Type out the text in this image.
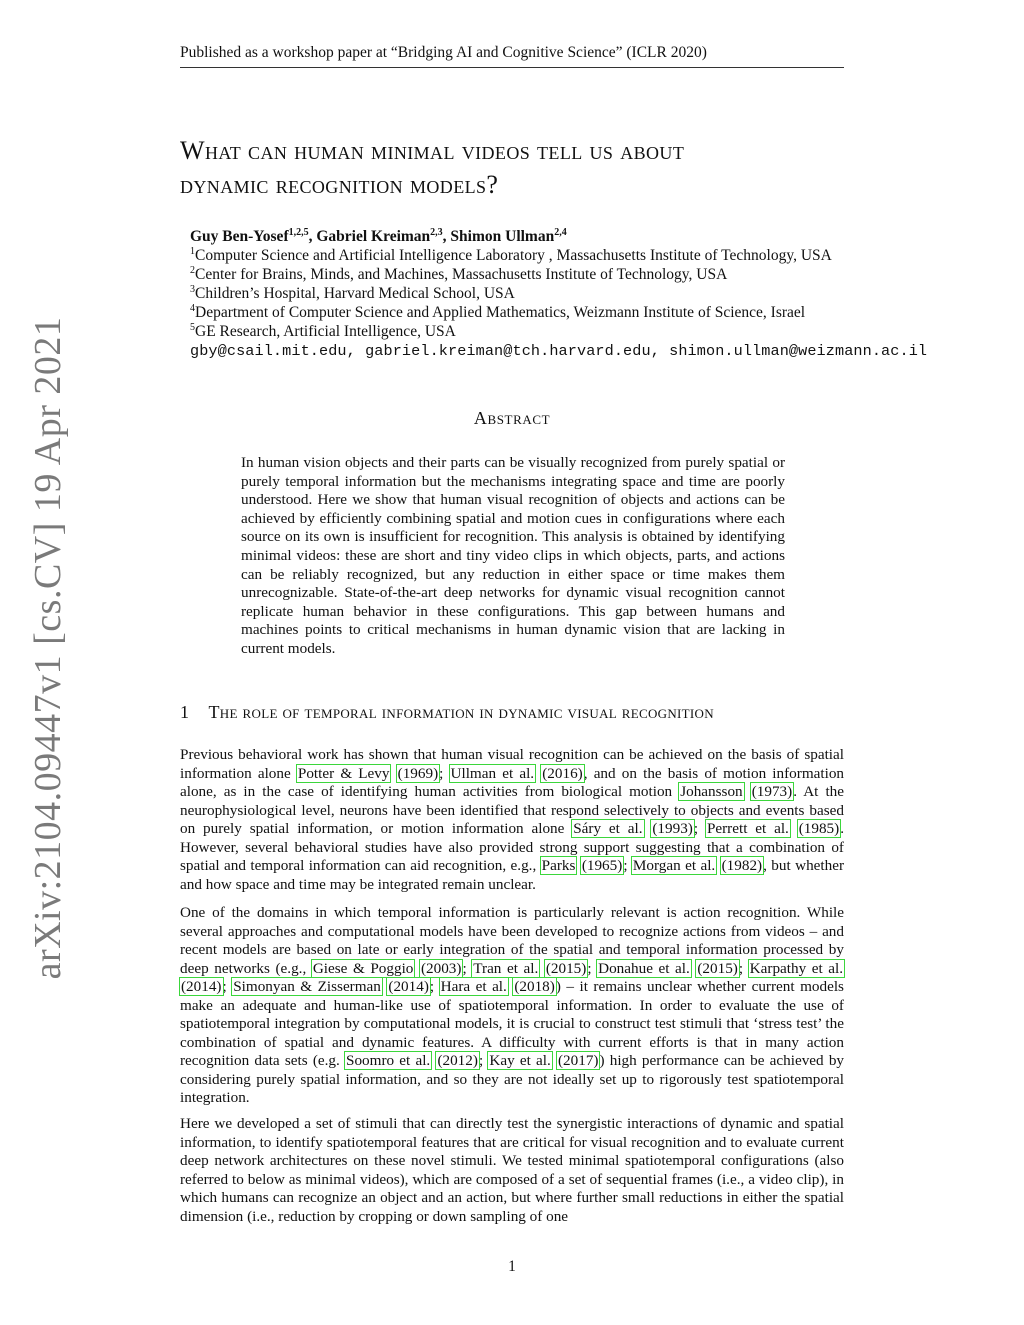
Published as a workshop paper at “Bridging AI and Cognitive Science” (ICLR 2020)
What can human minimal videos tell us about
dynamic recognition models?
Guy Ben-Yosef$^{1,2,5}$, Gabriel Kreiman$^{2,3}$, Shimon Ullman$^{2,4}$
$^1$Computer Science and Artificial Intelligence Laboratory , Massachusetts Institute of Technology, USA
$^2$Center for Brains, Minds, and Machines, Massachusetts Institute of Technology, USA
$^3$Children’s Hospital, Harvard Medical School, USA
$^4$Department of Computer Science and Applied Mathematics, Weizmann Institute of Science, Israel
$^5$GE Research, Artificial Intelligence, USA
gby@csail.mit.edu, gabriel.kreiman@tch.harvard.edu, shimon.ullman@weizmann.ac.il
Abstract
In human vision objects and their parts can be visually recognized from purely spatial or purely temporal information but the mechanisms integrating space and time are poorly understood. Here we show that human visual recognition of objects and actions can be achieved by efficiently combining spatial and motion cues in configurations where each source on its own is insufficient for recognition. This analysis is obtained by identifying minimal videos: these are short and tiny video clips in which objects, parts, and actions can be reliably recognized, but any reduction in either space or time makes them unrecognizable. State-of-the-art deep networks for dynamic visual recognition cannot replicate human behavior in these configurations. This gap between humans and machines points to critical mechanisms in human dynamic vision that are lacking in current models.
1 The role of temporal information in dynamic visual recognition
Previous behavioral work has shown that human visual recognition can be achieved on the basis of spatial information alone Potter & Levy (1969); Ullman et al. (2016), and on the basis of motion information alone, as in the case of identifying human activities from biological motion Johansson (1973). At the neurophysiological level, neurons have been identified that respond selectively to objects and events based on purely spatial information, or motion information alone Sáry et al. (1993); Perrett et al. (1985). However, several behavioral studies have also provided strong support suggesting that a combination of spatial and temporal information can aid recognition, e.g., Parks (1965); Morgan et al. (1982), but whether and how space and time may be integrated remain unclear.
One of the domains in which temporal information is particularly relevant is action recognition. While several approaches and computational models have been developed to recognize actions from videos – and recent models are based on late or early integration of the spatial and temporal information processed by deep networks (e.g., Giese & Poggio (2003); Tran et al. (2015); Donahue et al. (2015); Karpathy et al. (2014); Simonyan & Zisserman (2014); Hara et al. (2018)) – it remains unclear whether current models make an adequate and human-like use of spatiotemporal information. In order to evaluate the use of spatiotemporal integration by computational models, it is crucial to construct test stimuli that ‘stress test’ the combination of spatial and dynamic features. A difficulty with current efforts is that in many action recognition data sets (e.g. Soomro et al. (2012); Kay et al. (2017)) high performance can be achieved by considering purely spatial information, and so they are not ideally set up to rigorously test spatiotemporal integration.
Here we developed a set of stimuli that can directly test the synergistic interactions of dynamic and spatial information, to identify spatiotemporal features that are critical for visual recognition and to evaluate current deep network architectures on these novel stimuli. We tested minimal spatiotemporal configurations (also referred to below as minimal videos), which are composed of a set of sequential frames (i.e., a video clip), in which humans can recognize an object and an action, but where further small reductions in either the spatial dimension (i.e., reduction by cropping or down sampling of one
1
arXiv:2104.09447v1 [cs.CV] 19 Apr 2021
